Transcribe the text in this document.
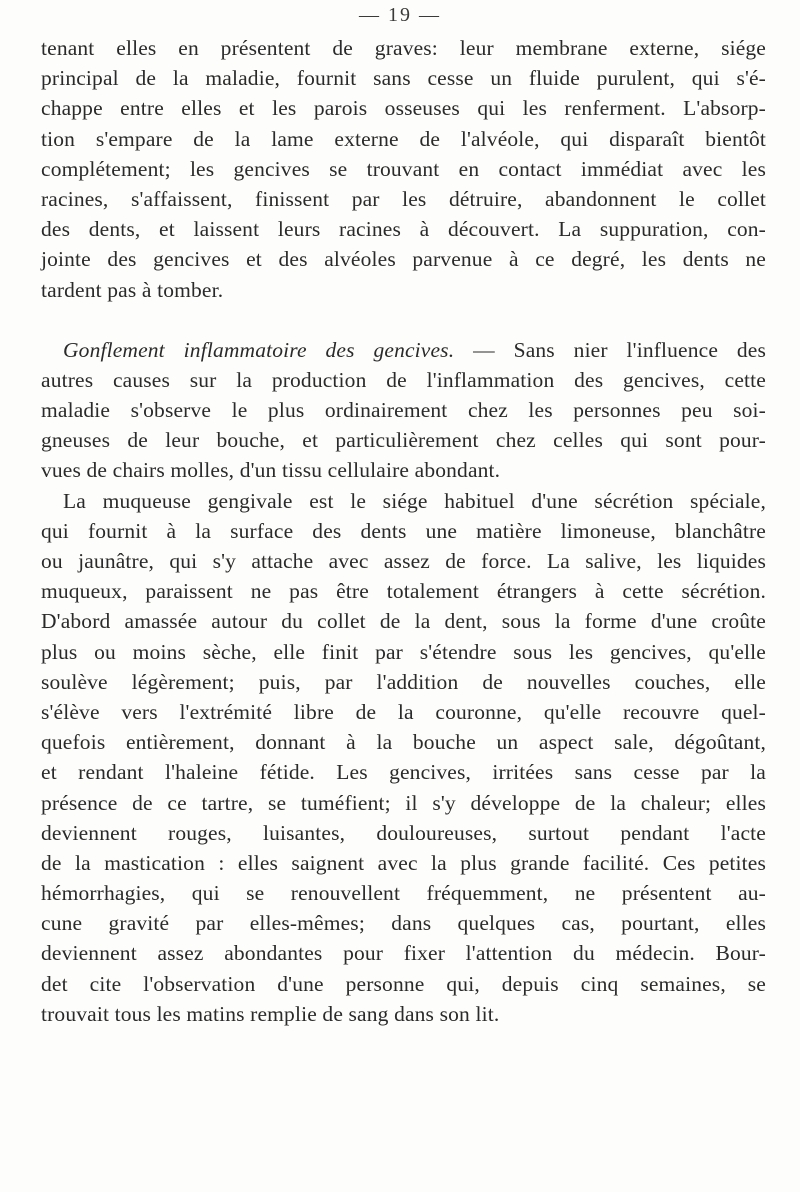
— 19 —
tenant elles en présentent de graves: leur membrane externe, siége
principal de la maladie, fournit sans cesse un fluide purulent, qui s'é-
chappe entre elles et les parois osseuses qui les renferment. L'absorp-
tion s'empare de la lame externe de l'alvéole, qui disparaît bientôt
complétement; les gencives se trouvant en contact immédiat avec les
racines, s'affaissent, finissent par les détruire, abandonnent le collet
des dents, et laissent leurs racines à découvert. La suppuration, con-
jointe des gencives et des alvéoles parvenue à ce degré, les dents ne
tardent pas à tomber.
Gonflement inflammatoire des gencives. — Sans nier l'influence des
autres causes sur la production de l'inflammation des gencives, cette
maladie s'observe le plus ordinairement chez les personnes peu soi-
gneuses de leur bouche, et particulièrement chez celles qui sont pour-
vues de chairs molles, d'un tissu cellulaire abondant.
La muqueuse gengivale est le siége habituel d'une sécrétion spéciale,
qui fournit à la surface des dents une matière limoneuse, blanchâtre
ou jaunâtre, qui s'y attache avec assez de force. La salive, les liquides
muqueux, paraissent ne pas être totalement étrangers à cette sécrétion.
D'abord amassée autour du collet de la dent, sous la forme d'une croûte
plus ou moins sèche, elle finit par s'étendre sous les gencives, qu'elle
soulève légèrement; puis, par l'addition de nouvelles couches, elle
s'élève vers l'extrémité libre de la couronne, qu'elle recouvre quel-
quefois entièrement, donnant à la bouche un aspect sale, dégoûtant,
et rendant l'haleine fétide. Les gencives, irritées sans cesse par la
présence de ce tartre, se tuméfient; il s'y développe de la chaleur; elles
deviennent rouges, luisantes, douloureuses, surtout pendant l'acte
de la mastication : elles saignent avec la plus grande facilité. Ces petites
hémorrhagies, qui se renouvellent fréquemment, ne présentent au-
cune gravité par elles-mêmes; dans quelques cas, pourtant, elles
deviennent assez abondantes pour fixer l'attention du médecin. Bour-
det cite l'observation d'une personne qui, depuis cinq semaines, se
trouvait tous les matins remplie de sang dans son lit.
